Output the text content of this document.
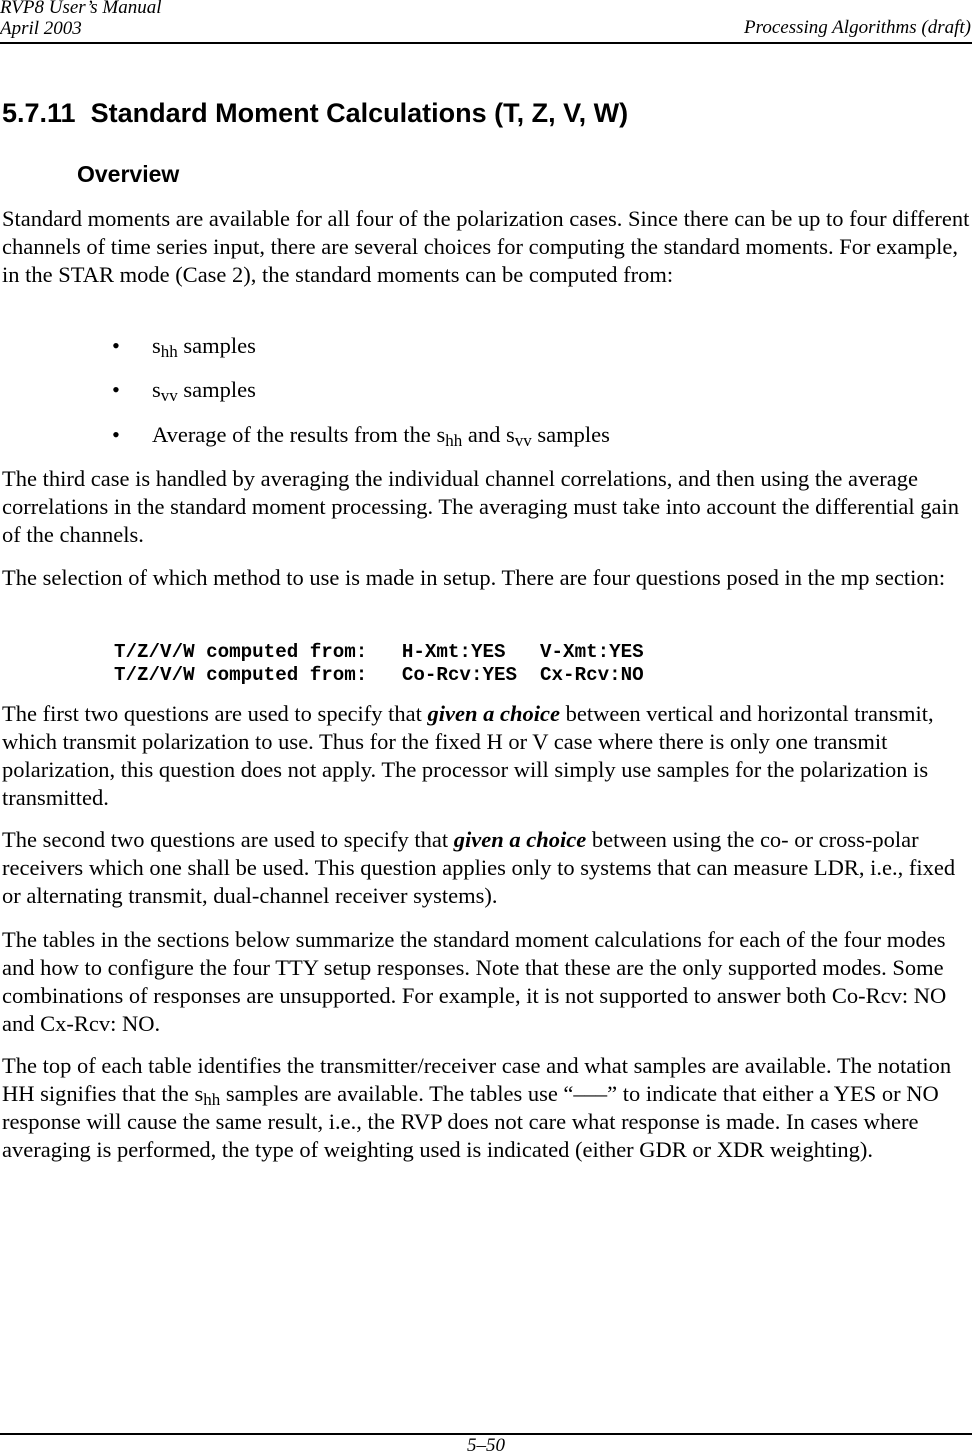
RVP8 User’s Manual
April 2003	Processing Algorithms (draft)
5.7.11 Standard Moment Calculations (T, Z, V, W)
Overview

Standard moments are available for all four of the polarization cases. Since there can be up to four different channels of time series input, there are several choices for computing the standard moments. For example, in the STAR mode (Case 2), the standard moments can be computed from:

• $s_{hh}$ samples
• $s_{vv}$ samples
• Average of the results from the $s_{hh}$ and $s_{vv}$ samples

The third case is handled by averaging the individual channel correlations, and then using the average correlations in the standard moment processing. The averaging must take into account the differential gain of the channels.

The selection of which method to use is made in setup. There are four questions posed in the mp section:

T/Z/V/W computed from:   H-Xmt:YES   V-Xmt:YES
T/Z/V/W computed from:   Co-Rcv:YES  Cx-Rcv:NO

The first two questions are used to specify that given a choice between vertical and horizontal transmit, which transmit polarization to use. Thus for the fixed H or V case where there is only one transmit polarization, this question does not apply. The processor will simply use samples for the polarization is transmitted.

The second two questions are used to specify that given a choice between using the co- or cross-polar receivers which one shall be used. This question applies only to systems that can measure LDR, i.e., fixed or alternating transmit, dual-channel receiver systems).

The tables in the sections below summarize the standard moment calculations for each of the four modes and how to configure the four TTY setup responses. Note that these are the only supported modes. Some combinations of responses are unsupported. For example, it is not supported to answer both Co-Rcv: NO and Cx-Rcv: NO.

The top of each table identifies the transmitter/receiver case and what samples are available. The notation HH signifies that the $s_{hh}$ samples are available. The tables use “–––” to indicate that either a YES or NO response will cause the same result, i.e., the RVP does not care what response is made. In cases where averaging is performed, the type of weighting used is indicated (either GDR or XDR weighting).

5–50
